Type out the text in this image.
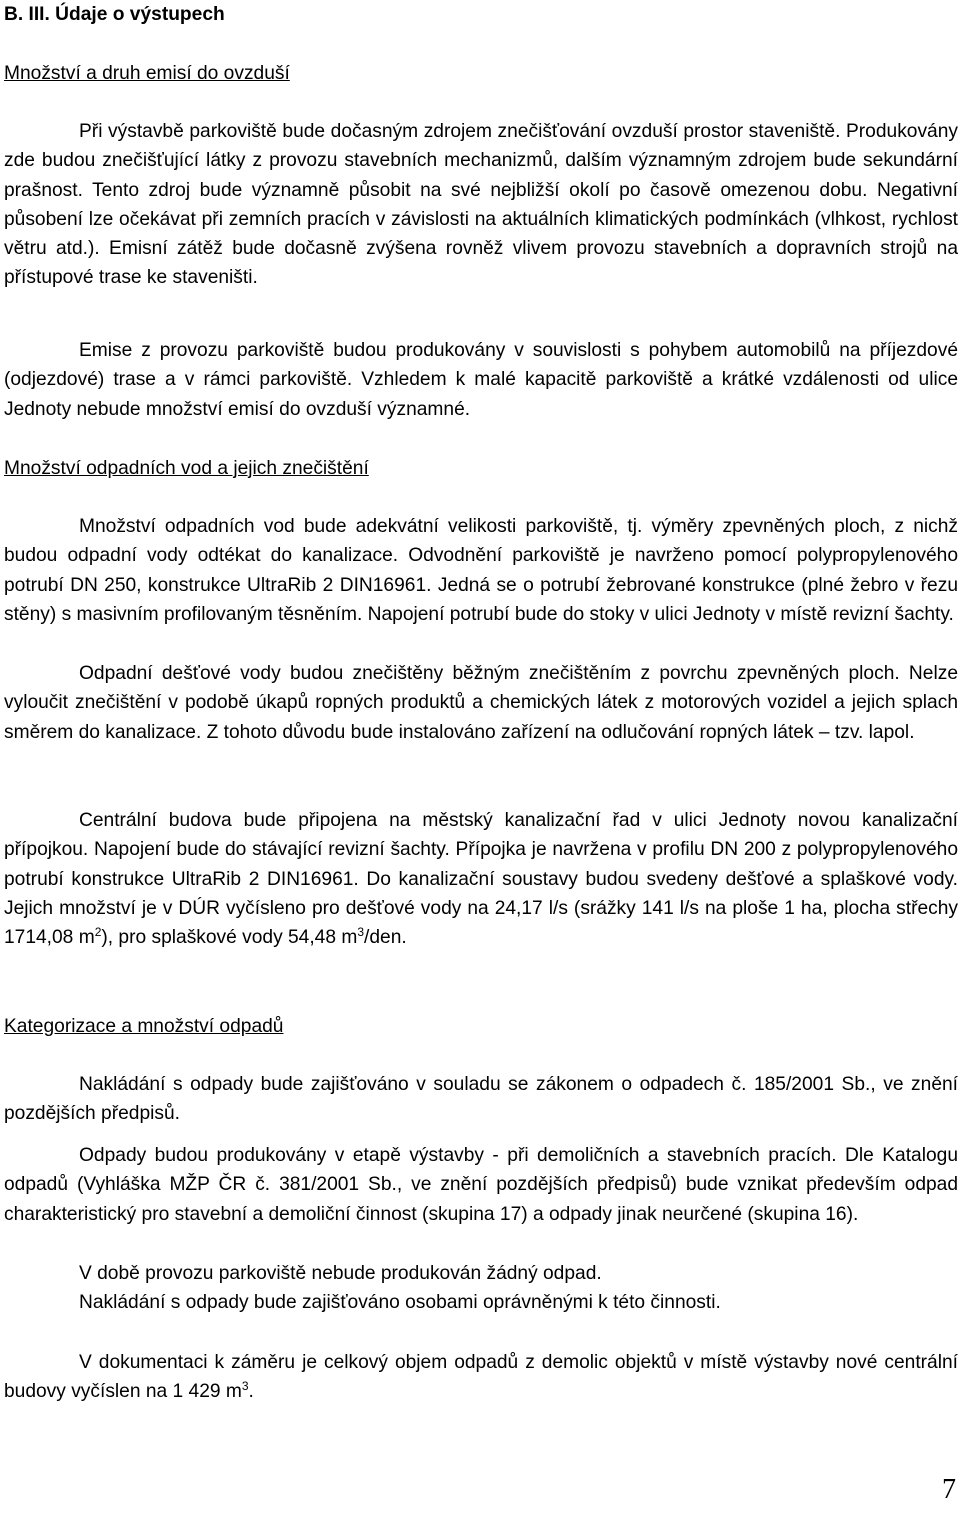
B. III. Údaje o výstupech
Množství a druh emisí do ovzduší

Při výstavbě parkoviště bude dočasným zdrojem znečišťování ovzduší prostor staveniště. Produkovány zde budou znečišťující látky z provozu stavebních mechanizmů, dalším významným zdrojem bude sekundární prašnost. Tento zdroj bude významně působit na své nejbližší okolí po časově omezenou dobu. Negativní působení lze očekávat při zemních pracích v závislosti na aktuálních klimatických podmínkách (vlhkost, rychlost větru atd.). Emisní zátěž bude dočasně zvýšena rovněž vlivem provozu stavebních a dopravních strojů na přístupové trase ke staveništi.

Emise z provozu parkoviště budou produkovány v souvislosti s pohybem automobilů na příjezdové (odjezdové) trase a v rámci parkoviště. Vzhledem k malé kapacitě parkoviště a krátké vzdálenosti od ulice Jednoty nebude množství emisí do ovzduší významné.

Množství odpadních vod a jejich znečištění

Množství odpadních vod bude adekvátní velikosti parkoviště, tj. výměry zpevněných ploch, z nichž budou odpadní vody odtékat do kanalizace. Odvodnění parkoviště je navrženo pomocí polypropylenového potrubí DN 250, konstrukce UltraRib 2 DIN16961. Jedná se o potrubí žebrované konstrukce (plné žebro v řezu stěny) s masivním profilovaným těsněním. Napojení potrubí bude do stoky v ulici Jednoty v místě revizní šachty.

Odpadní dešťové vody budou znečištěny běžným znečištěním z povrchu zpevněných ploch. Nelze vyloučit znečištění v podobě úkapů ropných produktů a chemických látek z motorových vozidel a jejich splach směrem do kanalizace. Z tohoto důvodu bude instalováno zařízení na odlučování ropných látek – tzv. lapol.

Centrální budova bude připojena na městský kanalizační řad v ulici Jednoty novou kanalizační přípojkou. Napojení bude do stávající revizní šachty. Přípojka je navržena v profilu DN 200 z polypropylenového potrubí konstrukce UltraRib 2 DIN16961. Do kanalizační soustavy budou svedeny dešťové a splaškové vody. Jejich množství je v DÚR vyčísleno pro dešťové vody na 24,17 l/s (srážky 141 l/s na ploše 1 ha, plocha střechy 1714,08 $m^2$), pro splaškové vody 54,48 $m^3$/den.

Kategorizace a množství odpadů

Nakládání s odpady bude zajišťováno v souladu se zákonem o odpadech č. 185/2001 Sb., ve znění pozdějších předpisů.

Odpady budou produkovány v etapě výstavby - při demoličních a stavebních pracích. Dle Katalogu odpadů (Vyhláška MŽP ČR č. 381/2001 Sb., ve znění pozdějších předpisů) bude vznikat především odpad charakteristický pro stavební a demoliční činnost (skupina 17) a odpady jinak neurčené (skupina 16).

V době provozu parkoviště nebude produkován žádný odpad.

Nakládání s odpady bude zajišťováno osobami oprávněnými k této činnosti.

V dokumentaci k záměru je celkový objem odpadů z demolic objektů v místě výstavby nové centrální budovy vyčíslen na 1 429 $m^3$.

7
